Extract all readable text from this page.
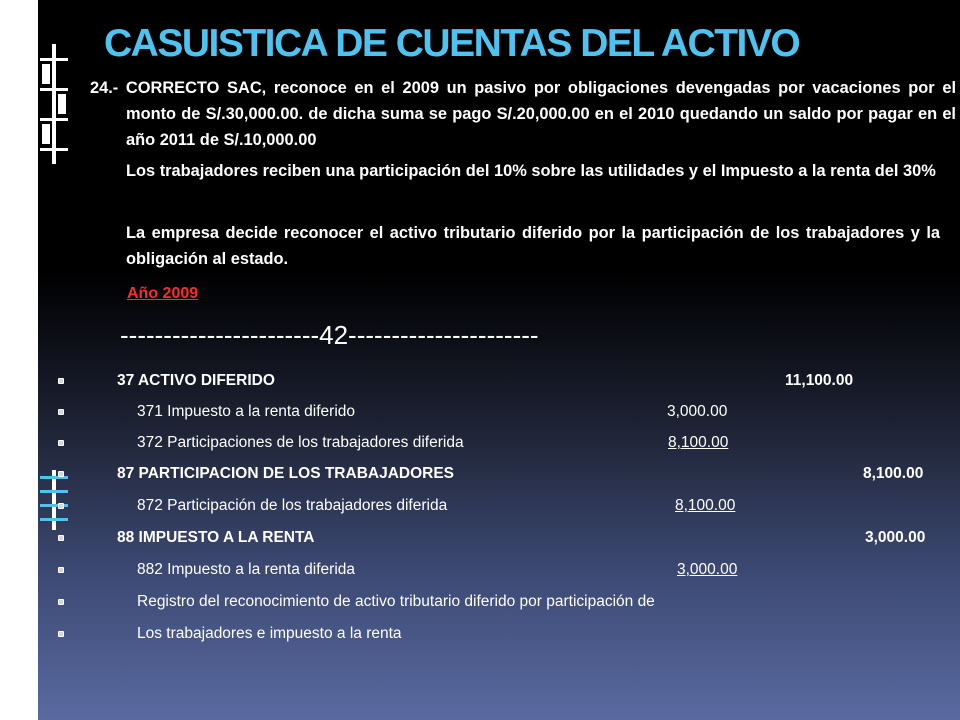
CASUISTICA DE CUENTAS DEL ACTIVO
24.- CORRECTO SAC, reconoce en el 2009 un pasivo por obligaciones devengadas por vacaciones por el monto de S/.30,000.00. de dicha suma se pago S/.20,000.00 en el 2010 quedando un saldo por pagar en el año 2011 de S/.10,000.00
Los trabajadores reciben una participación del 10% sobre las utilidades y el Impuesto a la renta del 30%
La empresa decide reconocer el activo tributario diferido por la participación de los trabajadores y la obligación al estado.
Año 2009
-----------------------42----------------------
37 ACTIVO DIFERIDO	11,100.00
371 Impuesto a la renta diferido	3,000.00
372 Participaciones de los trabajadores diferida	8,100.00
87 PARTICIPACION DE LOS TRABAJADORES	8,100.00
872 Participación de los trabajadores diferida	8,100.00
88 IMPUESTO A LA RENTA	3,000.00
882 Impuesto a la renta diferida	3,000.00
Registro del reconocimiento de activo tributario diferido por participación de
Los trabajadores e impuesto a la renta
